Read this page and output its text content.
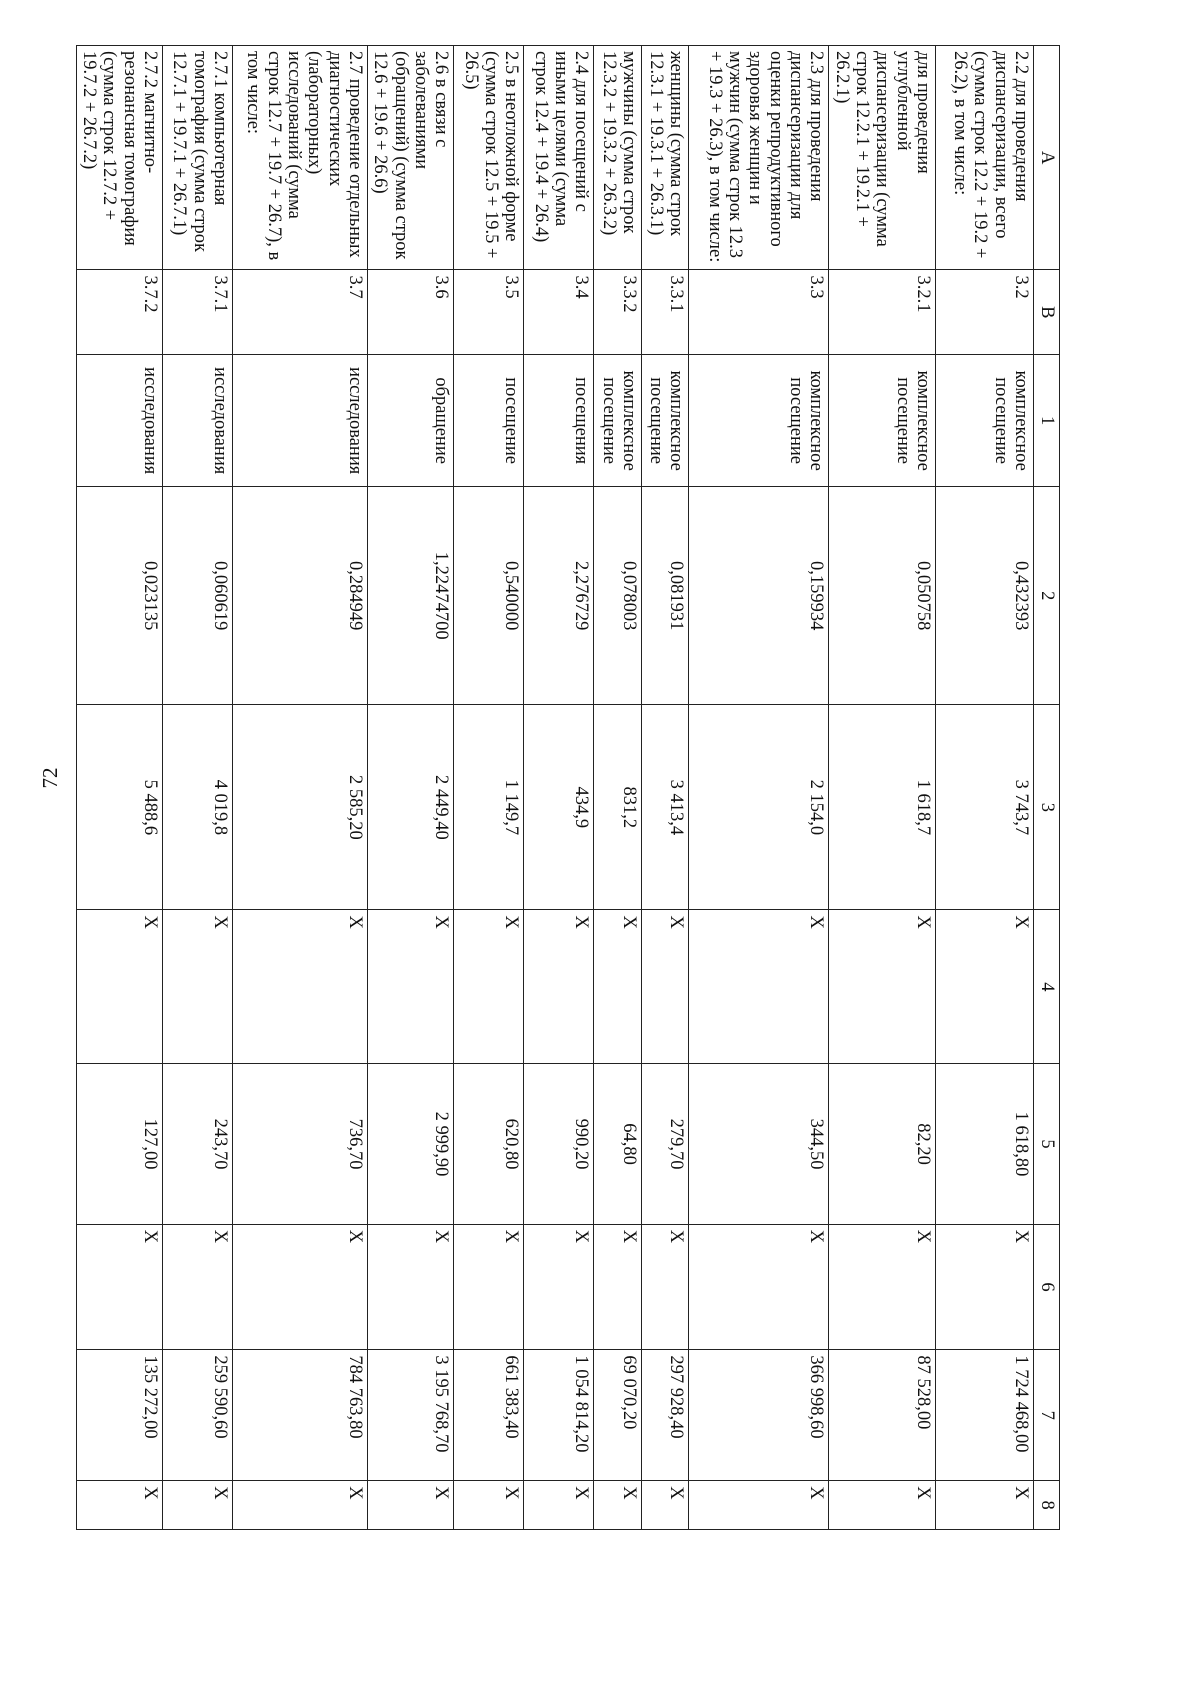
72
A	В	1	2	3	4	5	6	7	8
2.2 для проведения диспансеризации, всего (сумма строк 12.2 + 19.2 + 26.2), в том числе:	3.2	комплексное посещение	0,432393	3 743,7	Х	1 618,80	Х	1 724 468,00	Х
для проведения углубленной диспансеризации (сумма строк 12.2.1 + 19.2.1 + 26.2.1)	3.2.1	комплексное посещение	0,050758	1 618,7	Х	82,20	Х	87 528,00	Х
2.3 для проведения диспансеризации для оценки репродуктивного здоровья женщин и мужчин (сумма строк 12.3 + 19.3 + 26.3), в том числе:	3.3	комплексное посещение	0,159934	2 154,0	Х	344,50	Х	366 998,60	Х
женщины (сумма строк 12.3.1 + 19.3.1 + 26.3.1)	3.3.1	комплексное посещение	0,081931	3 413,4	Х	279,70	Х	297 928,40	Х
мужчины (сумма строк 12.3.2 + 19.3.2 + 26.3.2)	3.3.2	комплексное посещение	0,078003	831,2	Х	64,80	Х	69 070,20	Х
2.4 для посещений с иными целями (сумма строк 12.4 + 19.4 + 26.4)	3.4	посещения	2,276729	434,9	Х	990,20	Х	1 054 814,20	Х
2.5 в неотложной форме (сумма строк 12.5 + 19.5 + 26.5)	3.5	посещение	0,540000	1 149,7	Х	620,80	Х	661 383,40	Х
2.6 в связи с заболеваниями (обращений) (сумма строк 12.6 + 19.6 + 26.6)	3.6	обращение	1,22474700	2 449,40	Х	2 999,90	Х	3 195 768,70	Х
2.7 проведение отдельных диагностических (лабораторных) исследований (сумма строк 12.7 + 19.7 + 26.7), в том числе:	3.7	исследования	0,284949	2 585,20	Х	736,70	Х	784 763,80	Х
2.7.1 компьютерная томография (сумма строк 12.7.1 + 19.7.1 + 26.7.1)	3.7.1	исследования	0,060619	4 019,8	Х	243,70	Х	259 590,60	Х
2.7.2 магнитно-резонансная томография (сумма строк 12.7.2 + 19.7.2 + 26.7.2)	3.7.2	исследования	0,023135	5 488,6	Х	127,00	Х	135 272,00	Х
